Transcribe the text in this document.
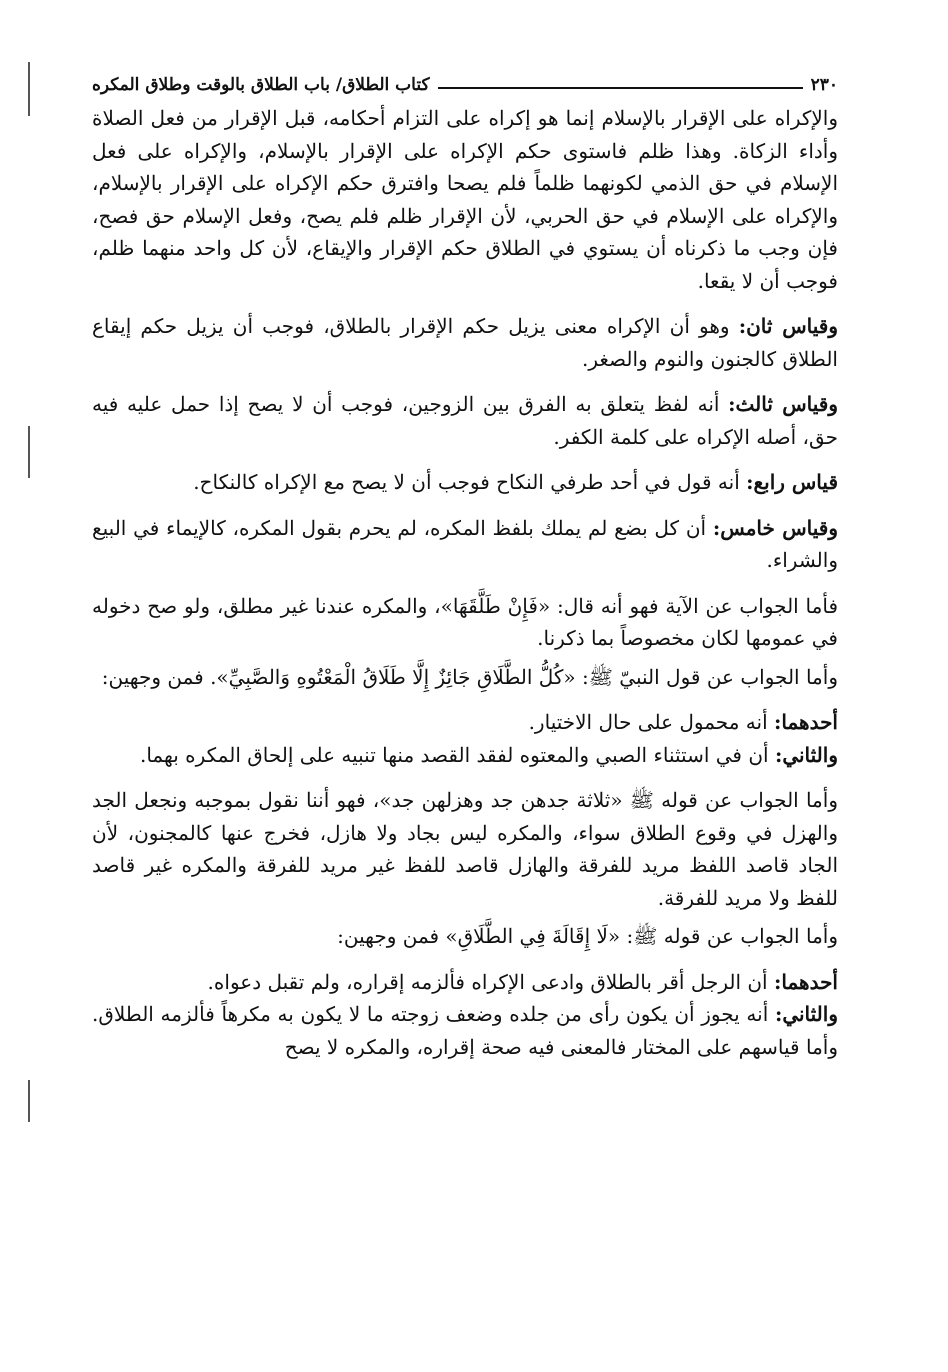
٢٣٠
كتاب الطلاق/ باب الطلاق بالوقت وطلاق المكره

والإكراه على الإقرار بالإسلام إنما هو إكراه على التزام أحكامه، قبل الإقرار من فعل الصلاة وأداء الزكاة. وهذا ظلم فاستوى حكم الإكراه على الإقرار بالإسلام، والإكراه على فعل الإسلام في حق الذمي لكونهما ظلماً فلم يصحا وافترق حكم الإكراه على الإقرار بالإسلام، والإكراه على الإسلام في حق الحربي، لأن الإقرار ظلم فلم يصح، وفعل الإسلام حق فصح، فإن وجب ما ذكرناه أن يستوي في الطلاق حكم الإقرار والإيقاع، لأن كل واحد منهما ظلم، فوجب أن لا يقعا.

وقياس ثان: وهو أن الإكراه معنى يزيل حكم الإقرار بالطلاق، فوجب أن يزيل حكم إيقاع الطلاق كالجنون والنوم والصغر.

وقياس ثالث: أنه لفظ يتعلق به الفرق بين الزوجين، فوجب أن لا يصح إذا حمل عليه فيه حق، أصله الإكراه على كلمة الكفر.

قياس رابع: أنه قول في أحد طرفي النكاح فوجب أن لا يصح مع الإكراه كالنكاح.

وقياس خامس: أن كل بضع لم يملك بلفظ المكره، لم يحرم بقول المكره، كالإيماء في البيع والشراء.

فأما الجواب عن الآية فهو أنه قال: «فَإِنْ طَلَّقَهَا»، والمكره عندنا غير مطلق، ولو صح دخوله في عمومها لكان مخصوصاً بما ذكرنا.

وأما الجواب عن قول النبيّ ﷺ: «كُلُّ الطَّلَاقِ جَائِزٌ إِلَّا طَلَاقُ الْمَعْتُوهِ وَالصَّبِيِّ». فمن وجهين:

أحدهما: أنه محمول على حال الاختيار.

والثاني: أن في استثناء الصبي والمعتوه لفقد القصد منها تنبيه على إلحاق المكره بهما.

وأما الجواب عن قوله ﷺ «ثلاثة جدهن جد وهزلهن جد»، فهو أننا نقول بموجبه ونجعل الجد والهزل في وقوع الطلاق سواء، والمكره ليس بجاد ولا هازل، فخرج عنها كالمجنون، لأن الجاد قاصد اللفظ مريد للفرقة والهازل قاصد للفظ غير مريد للفرقة والمكره غير قاصد للفظ ولا مريد للفرقة.

وأما الجواب عن قوله ﷺ: «لَا إِقَالَةَ فِي الطَّلَاقِ» فمن وجهين:

أحدهما: أن الرجل أقر بالطلاق وادعى الإكراه فألزمه إقراره، ولم تقبل دعواه.

والثاني: أنه يجوز أن يكون رأى من جلده وضعف زوجته ما لا يكون به مكرهاً فألزمه الطلاق. وأما قياسهم على المختار فالمعنى فيه صحة إقراره، والمكره لا يصح
